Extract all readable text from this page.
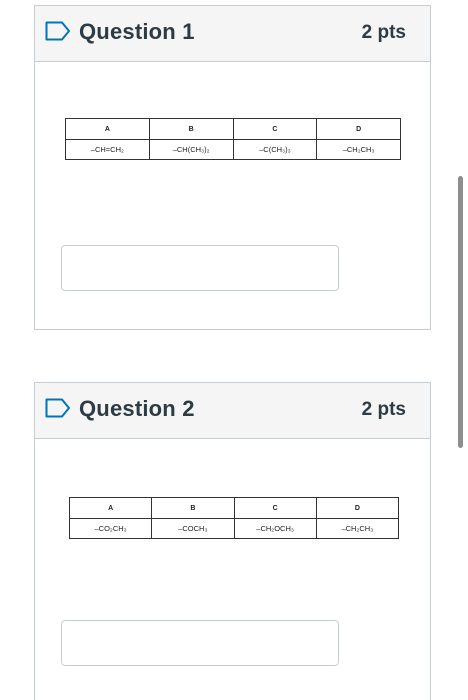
Question 1	2 pts
A	B	C	D
–CH=CH₂	–CH(CH₃)₂	–C(CH₃)₃	–CH₂CH₃
Question 2	2 pts
A	B	C	D
–CO₂CH₃	–COCH₃	–CH₂OCH₃	–CH₂CH₃
